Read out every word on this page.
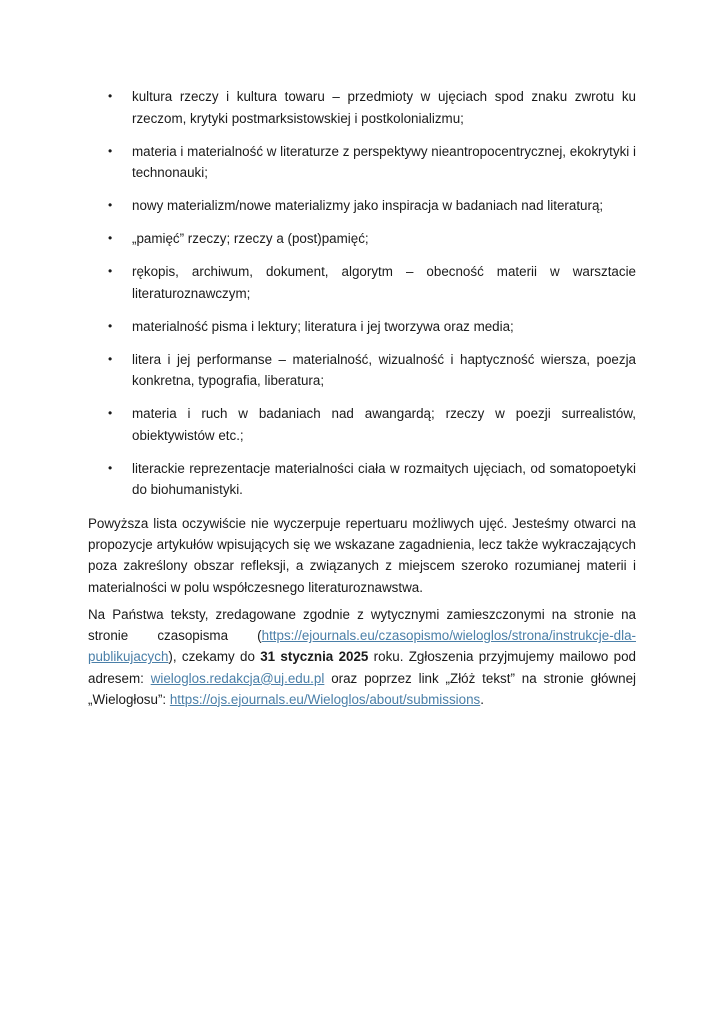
•	kultura rzeczy i kultura towaru – przedmioty w ujęciach spod znaku zwrotu ku rzeczom, krytyki postmarksistowskiej i postkolonializmu;
•	materia i materialność w literaturze z perspektywy nieantropocentrycznej, ekokrytyki i technonauki;
•	nowy materializm/nowe materializmy jako inspiracja w badaniach nad literaturą;
•	„pamięć” rzeczy; rzeczy a (post)pamięć;
•	rękopis, archiwum, dokument, algorytm – obecność materii w warsztacie literaturoznawczym;
•	materialność pisma i lektury; literatura i jej tworzywa oraz media;
•	litera i jej performanse – materialność, wizualność i haptyczność wiersza, poezja konkretna, typografia, liberatura;
•	materia i ruch w badaniach nad awangardą; rzeczy w poezji surrealistów, obiektywistów etc.;
•	literackie reprezentacje materialności ciała w rozmaitych ujęciach, od somatopoetyki do biohumanistyki.

Powyższa lista oczywiście nie wyczerpuje repertuaru możliwych ujęć. Jesteśmy otwarci na propozycje artykułów wpisujących się we wskazane zagadnienia, lecz także wykraczających poza zakreślony obszar refleksji, a związanych z miejscem szeroko rozumianej materii i materialności w polu współczesnego literaturoznawstwa.

Na Państwa teksty, zredagowane zgodnie z wytycznymi zamieszczonymi na stronie na stronie czasopisma (https://ejournals.eu/czasopismo/wieloglos/strona/instrukcje-dla-publikujacych), czekamy do 31 stycznia 2025 roku. Zgłoszenia przyjmujemy mailowo pod adresem: wieloglos.redakcja@uj.edu.pl oraz poprzez link „Złóż tekst” na stronie głównej „Wielogłosu”: https://ojs.ejournals.eu/Wieloglos/about/submissions.
